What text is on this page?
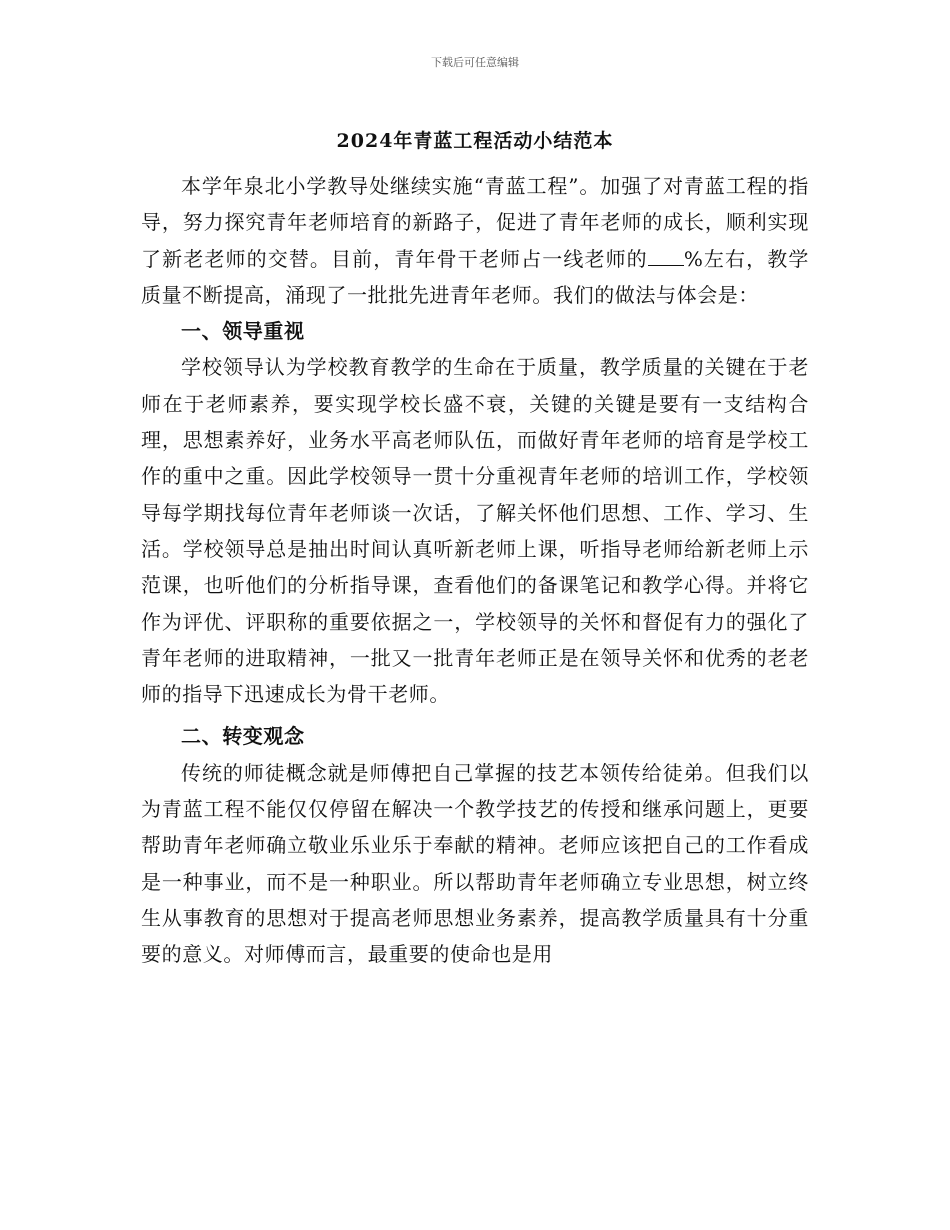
下载后可任意编辑
2024年青蓝工程活动小结范本

本学年泉北小学教导处继续实施“青蓝工程”。加强了对青蓝工程的指导，努力探究青年老师培育的新路子，促进了青年老师的成长，顺利实现了新老老师的交替。目前，青年骨干老师占一线老师的 %左右，教学质量不断提高，涌现了一批批先进青年老师。我们的做法与体会是：

一、领导重视

学校领导认为学校教育教学的生命在于质量，教学质量的关键在于老师在于老师素养，要实现学校长盛不衰，关键的关键是要有一支结构合理，思想素养好，业务水平高老师队伍，而做好青年老师的培育是学校工作的重中之重。因此学校领导一贯十分重视青年老师的培训工作，学校领导每学期找每位青年老师谈一次话，了解关怀他们思想、工作、学习、生活。学校领导总是抽出时间认真听新老师上课，听指导老师给新老师上示范课，也听他们的分析指导课，查看他们的备课笔记和教学心得。并将它作为评优、评职称的重要依据之一，学校领导的关怀和督促有力的强化了青年老师的进取精神，一批又一批青年老师正是在领导关怀和优秀的老老师的指导下迅速成长为骨干老师。

二、转变观念

传统的师徒概念就是师傅把自己掌握的技艺本领传给徒弟。但我们以为青蓝工程不能仅仅停留在解决一个教学技艺的传授和继承问题上，更要帮助青年老师确立敬业乐业乐于奉献的精神。老师应该把自己的工作看成是一种事业，而不是一种职业。所以帮助青年老师确立专业思想，树立终生从事教育的思想对于提高老师思想业务素养，提高教学质量具有十分重要的意义。对师傅而言，最重要的使命也是用
